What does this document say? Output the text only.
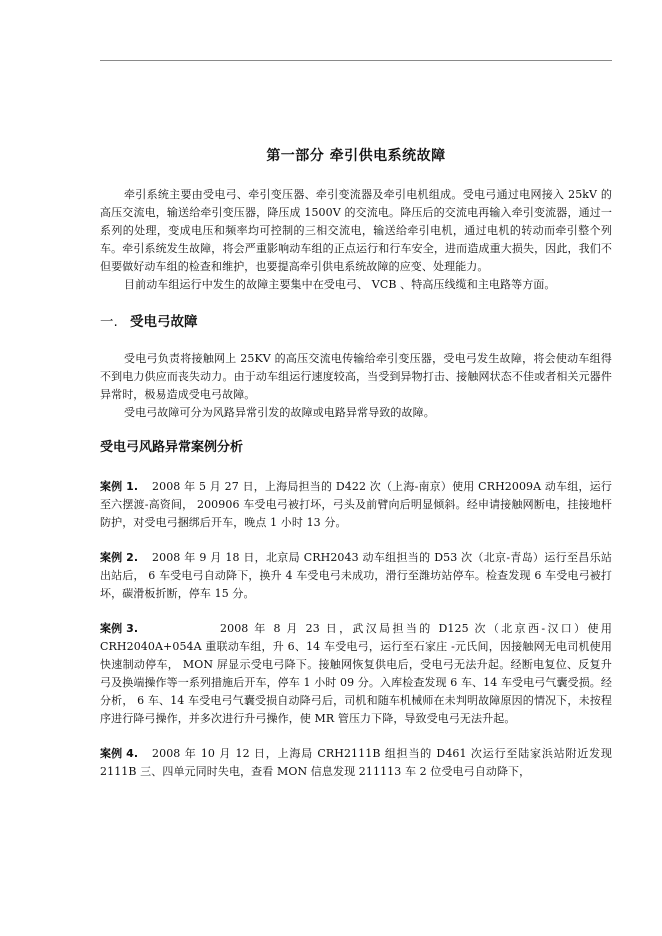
第一部分 牵引供电系统故障

牵引系统主要由受电弓、牵引变压器、牵引变流器及牵引电机组成。受电弓通过电网接入 25kV 的高压交流电，输送给牵引变压器，降压成 1500V 的交流电。降压后的交流电再输入牵引变流器，通过一系列的处理，变成电压和频率均可控制的三相交流电，输送给牵引电机，通过电机的转动而牵引整个列车。牵引系统发生故障，将会严重影响动车组的正点运行和行车安全，进而造成重大损失，因此，我们不但要做好动车组的检查和维护，也要提高牵引供电系统故障的应变、处理能力。

目前动车组运行中发生的故障主要集中在受电弓、 VCB 、特高压线缆和主电路等方面。

一. 受电弓故障

受电弓负责将接触网上 25KV 的高压交流电传输给牵引变压器，受电弓发生故障，将会使动车组得不到电力供应而丧失动力。由于动车组运行速度较高，当受到异物打击、接触网状态不佳或者相关元器件异常时，极易造成受电弓故障。

受电弓故障可分为风路异常引发的故障或电路异常导致的故障。

受电弓风路异常案例分析

案例 1. 2008 年 5 月 27 日，上海局担当的 D422 次（上海-南京）使用 CRH2009A 动车组，运行至六摆渡-高资间， 200906 车受电弓被打坏，弓头及前臂向后明显倾斜。经申请接触网断电，挂接地杆防护，对受电弓捆绑后开车，晚点 1 小时 13 分。

案例 2. 2008 年 9 月 18 日，北京局 CRH2043 动车组担当的 D53 次（北京-青岛）运行至昌乐站出站后， 6 车受电弓自动降下，换升 4 车受电弓未成功，滑行至潍坊站停车。检查发现 6 车受电弓被打坏，碳滑板折断，停车 15 分。

案例 3.	2008 年 8 月 23 日，武汉局担当的 D125 次（北京西-汉口）使用 CRH2040A+054A 重联动车组，升 6、14 车受电弓，运行至石家庄 -元氏间，因接触网无电司机使用快速制动停车， MON 屏显示受电弓降下。接触网恢复供电后，受电弓无法升起。经断电复位、反复升弓及换端操作等一系列措施后开车，停车 1 小时 09 分。入库检查发现 6 车、14 车受电弓气囊受损。经分析， 6 车、14 车受电弓气囊受损自动降弓后，司机和随车机械师在未判明故障原因的情况下，未按程序进行降弓操作，并多次进行升弓操作，使 MR 管压力下降，导致受电弓无法升起。

案例 4. 2008 年 10 月 12 日，上海局 CRH2111B 组担当的 D461 次运行至陆家浜站附近发现 2111B 三、四单元同时失电，查看 MON 信息发现 211113 车 2 位受电弓自动降下，
